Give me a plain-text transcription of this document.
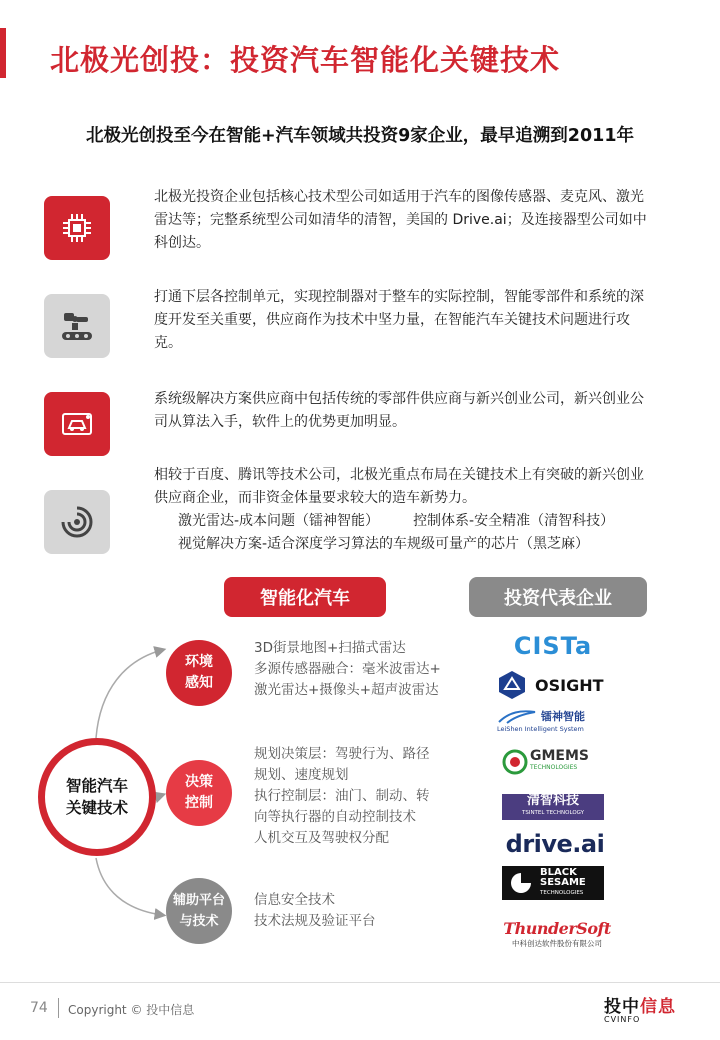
北极光创投：投资汽车智能化关键技术
北极光创投至今在智能+汽车领域共投资9家企业，最早追溯到2011年
北极光投资企业包括核心技术型公司如适用于汽车的图像传感器、麦克风、激光雷达等；完整系统型公司如清华的清智，美国的 Drive.ai；及连接器型公司如中科创达。
打通下层各控制单元，实现控制器对于整车的实际控制，智能零部件和系统的深度开发至关重要，供应商作为技术中坚力量，在智能汽车关键技术问题进行攻克。
系统级解决方案供应商中包括传统的零部件供应商与新兴创业公司，新兴创业公司从算法入手，软件上的优势更加明显。
相较于百度、腾讯等技术公司，北极光重点布局在关键技术上有突破的新兴创业供应商企业，而非资金体量要求较大的造车新势力。
激光雷达-成本问题（镭神智能） 控制体系-安全精准（清智科技）
视觉解决方案-适合深度学习算法的车规级可量产的芯片（黑芝麻）
智能化汽车	投资代表企业
智能汽车
关键技术
环境
感知
决策
控制
辅助平台
与技术
3D街景地图+扫描式雷达
多源传感器融合：毫米波雷达+
激光雷达+摄像头+超声波雷达
规划决策层：驾驶行为、路径
规划、速度规划
执行控制层：油门、制动、转
向等执行器的自动控制技术
人机交互及驾驶权分配
信息安全技术
技术法规及验证平台
CISTa
OSIGHT
镭神智能
LeiShen Intelligent System
GMEMS
TECHNOLOGIES
清智科技
TSINTEL TECHNOLOGY
drive.ai
BLACK
SESAME
TECHNOLOGIES
ThunderSoft
中科创达软件股份有限公司
74 Copyright © 投中信息	投中信息
CVINFO
